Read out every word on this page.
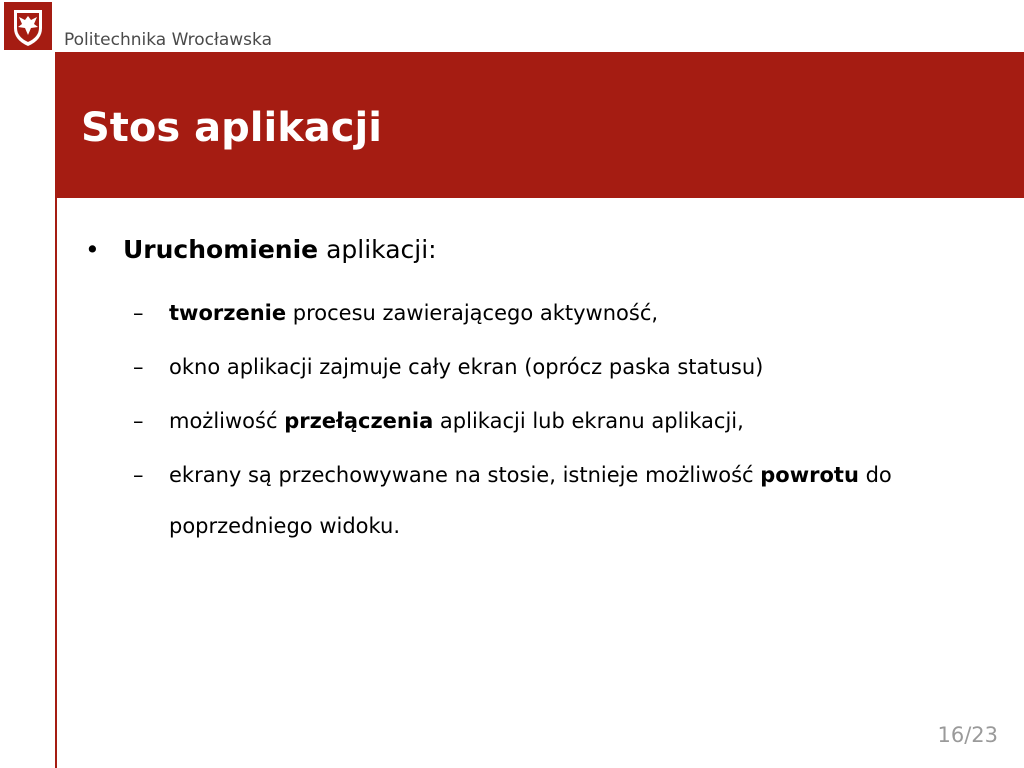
Politechnika Wrocławska
Stos aplikacji
• Uruchomienie aplikacji:
–	tworzenie procesu zawierającego aktywność,
–	okno aplikacji zajmuje cały ekran (oprócz paska statusu)
–	możliwość przełączenia aplikacji lub ekranu aplikacji,
–	ekrany są przechowywane na stosie, istnieje możliwość powrotu do poprzedniego widoku.
16/23
